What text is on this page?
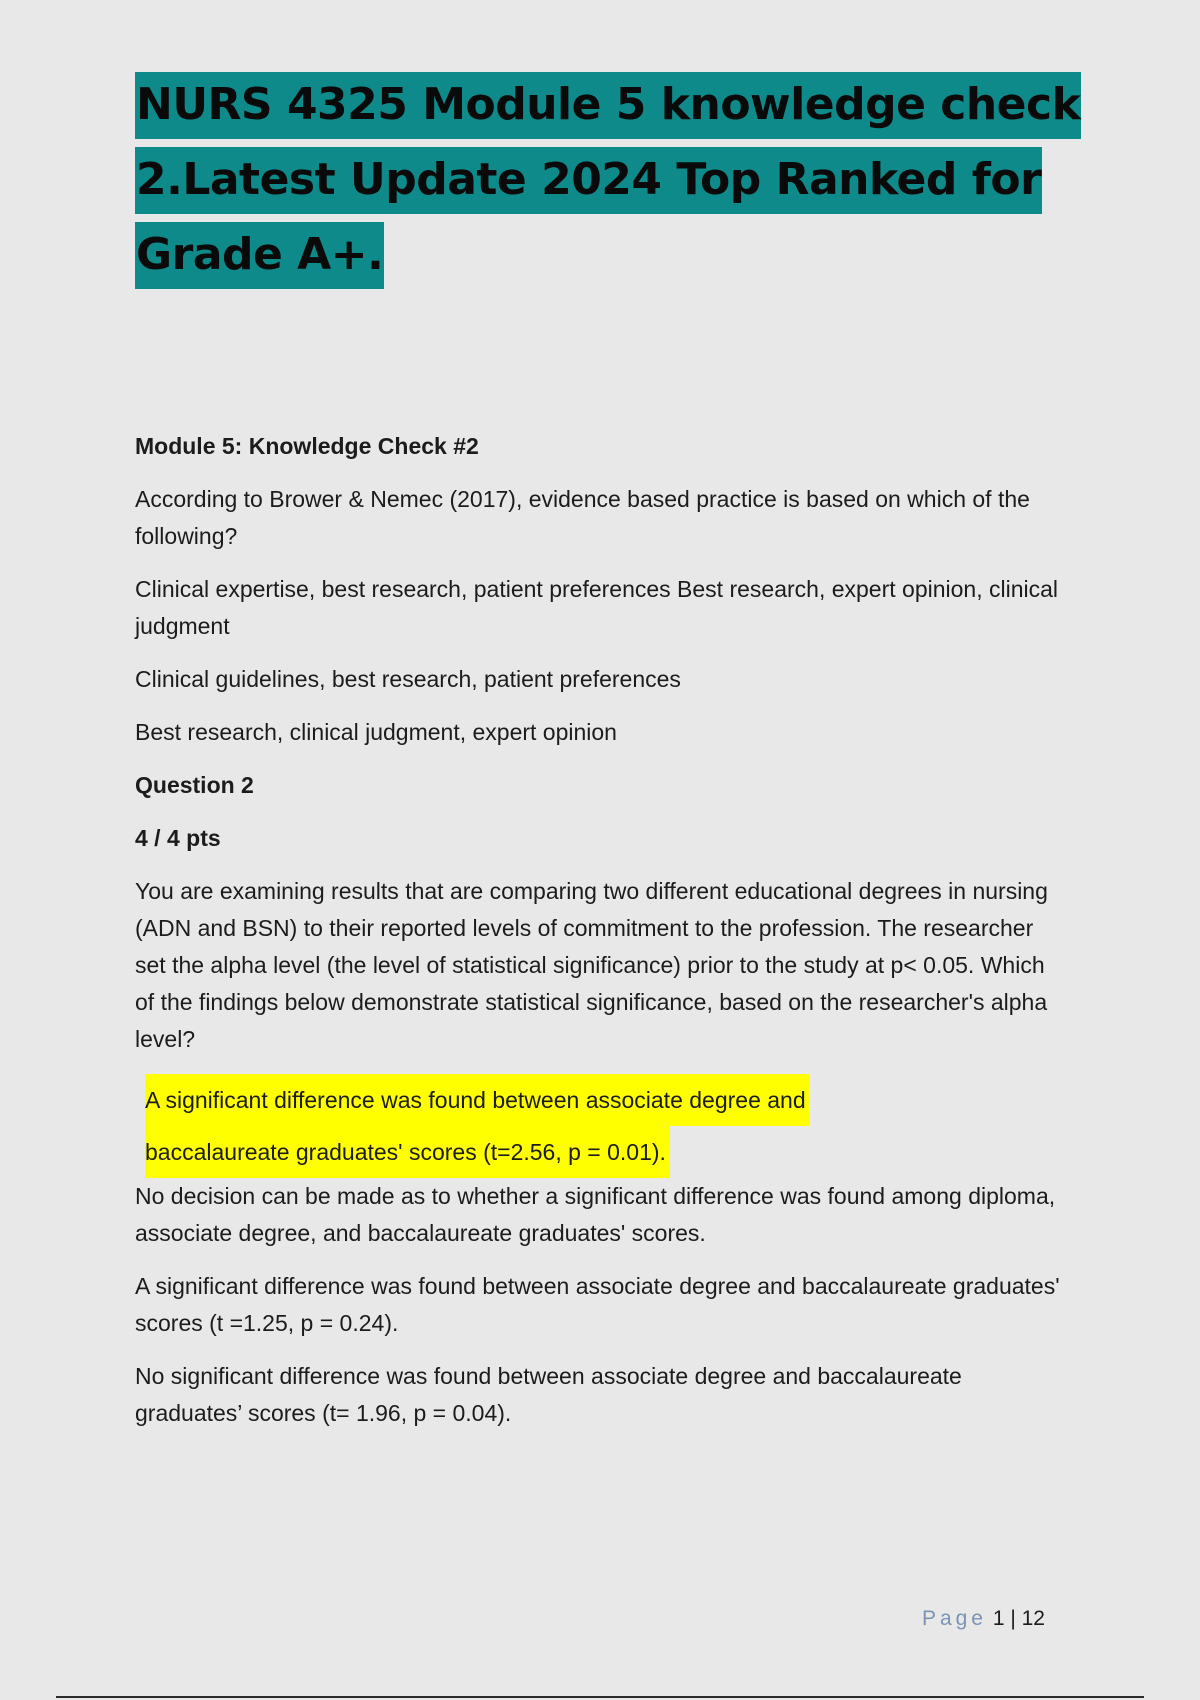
NURS 4325 Module 5 knowledge check
2.Latest Update 2024 Top Ranked for
Grade A+.

Module 5: Knowledge Check #2

According to Brower & Nemec (2017), evidence based practice is based on which of the following?

Clinical expertise, best research, patient preferences Best research, expert opinion, clinical judgment

Clinical guidelines, best research, patient preferences

Best research, clinical judgment, expert opinion

Question 2

4 / 4 pts

You are examining results that are comparing two different educational degrees in nursing (ADN and BSN) to their reported levels of commitment to the profession. The researcher set the alpha level (the level of statistical significance) prior to the study at p< 0.05. Which of the findings below demonstrate statistical significance, based on the researcher's alpha level?

A significant difference was found between associate degree and
baccalaureate graduates' scores (t=2.56, p = 0.01).

No decision can be made as to whether a significant difference was found among diploma, associate degree, and baccalaureate graduates' scores.

A significant difference was found between associate degree and baccalaureate graduates' scores (t =1.25, p = 0.24).

No significant difference was found between associate degree and baccalaureate graduates’ scores (t= 1.96, p = 0.04).

Page 1 | 12
